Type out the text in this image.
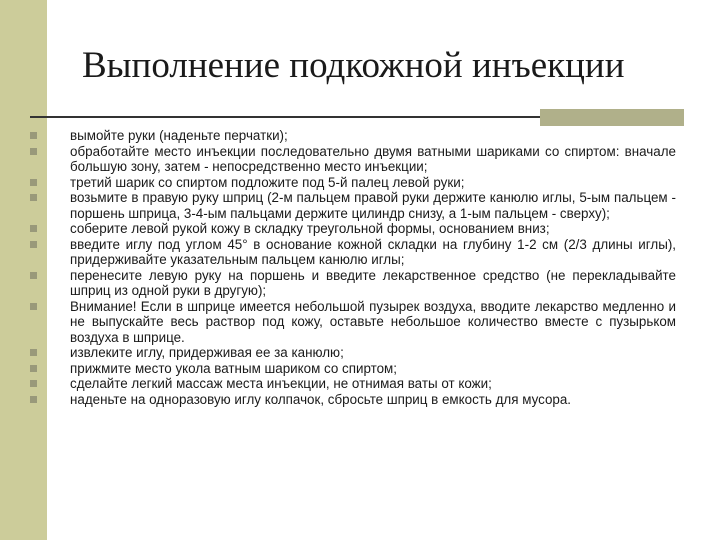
Выполнение подкожной инъекции
вымойте руки (наденьте перчатки);
обработайте место инъекции последовательно двумя ватными шариками со спиртом: вначале большую зону, затем - непосредственно место инъекции;
третий шарик со спиртом подложите под 5-й палец левой руки;
возьмите в правую руку шприц (2-м пальцем правой руки держите канюлю иглы, 5-ым пальцем - поршень шприца, 3-4-ым пальцами держите цилиндр снизу, а 1-ым пальцем - сверху);
соберите левой рукой кожу в складку треугольной формы, основанием вниз;
введите иглу под углом 45° в основание кожной складки на глубину 1-2 см (2/3 длины иглы), придерживайте указательным пальцем канюлю иглы;
перенесите левую руку на поршень и введите лекарственное средство (не перекладывайте шприц из одной руки в другую);
Внимание! Если в шприце имеется небольшой пузырек воздуха, вводите лекарство медленно и не выпускайте весь раствор под кожу, оставьте небольшое количество вместе с пузырьком воздуха в шприце.
извлеките иглу, придерживая ее за канюлю;
прижмите место укола ватным шариком со спиртом;
сделайте легкий массаж места инъекции, не отнимая ваты от кожи;
наденьте на одноразовую иглу колпачок, сбросьте шприц в емкость для мусора.
